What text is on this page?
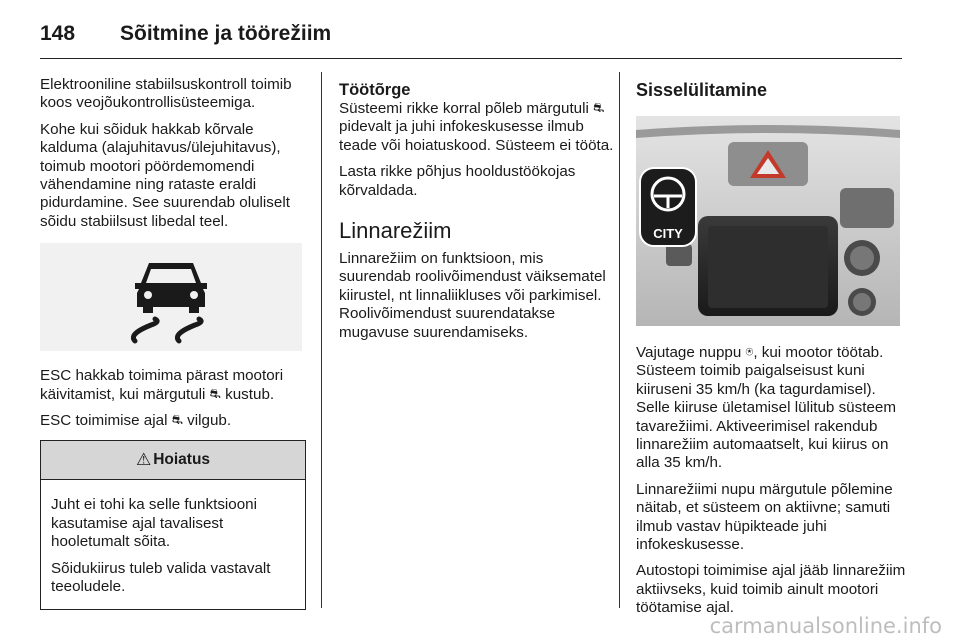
148 Sõitmine ja töörežiim

Elektrooniline stabiilsuskontroll toimib koos veojõukontrollisüsteemiga.

Kohe kui sõiduk hakkab kõrvale kalduma (alajuhitavus/ülejuhitavus), toimub mootori pöördemomendi vähendamine ning rataste eraldi pidurdamine. See suurendab oluliselt sõidu stabiilsust libedal teel.

ESC hakkab toimima pärast mootori käivitamist, kui märgutuli ⛐ kustub.

ESC toimimise ajal ⛐ vilgub.

⚠ Hoiatus

Juht ei tohi ka selle funktsiooni kasutamise ajal tavalisest hooletumalt sõita.

Sõidukiirus tuleb valida vastavalt teeoludele.

Töötõrge

Süsteemi rikke korral põleb märgutuli ⛐ pidevalt ja juhi infokeskusesse ilmub teade või hoiatuskood. Süsteem ei tööta.

Lasta rikke põhjus hooldustöökojas kõrvaldada.

Linnarežiim

Linnarežiim on funktsioon, mis suurendab roolivõimendust väiksematel kiirustel, nt linnaliikluses või parkimisel. Roolivõimendust suurendatakse mugavuse suurendamiseks.

Sisselülitamine
CITY

Vajutage nuppu ⍟, kui mootor töötab. Süsteem toimib paigalseisust kuni kiiruseni 35 km/h (ka tagurdamisel). Selle kiiruse ületamisel lülitub süsteem tavarežiimi. Aktiveerimisel rakendub linnarežiim automaatselt, kui kiirus on alla 35 km/h.

Linnarežiimi nupu märgutule põlemine näitab, et süsteem on aktiivne; samuti ilmub vastav hüpikteade juhi infokeskusesse.

Autostopi toimimise ajal jääb linnarežiim aktiivseks, kuid toimib ainult mootori töötamise ajal.

carmanualsonline.info
